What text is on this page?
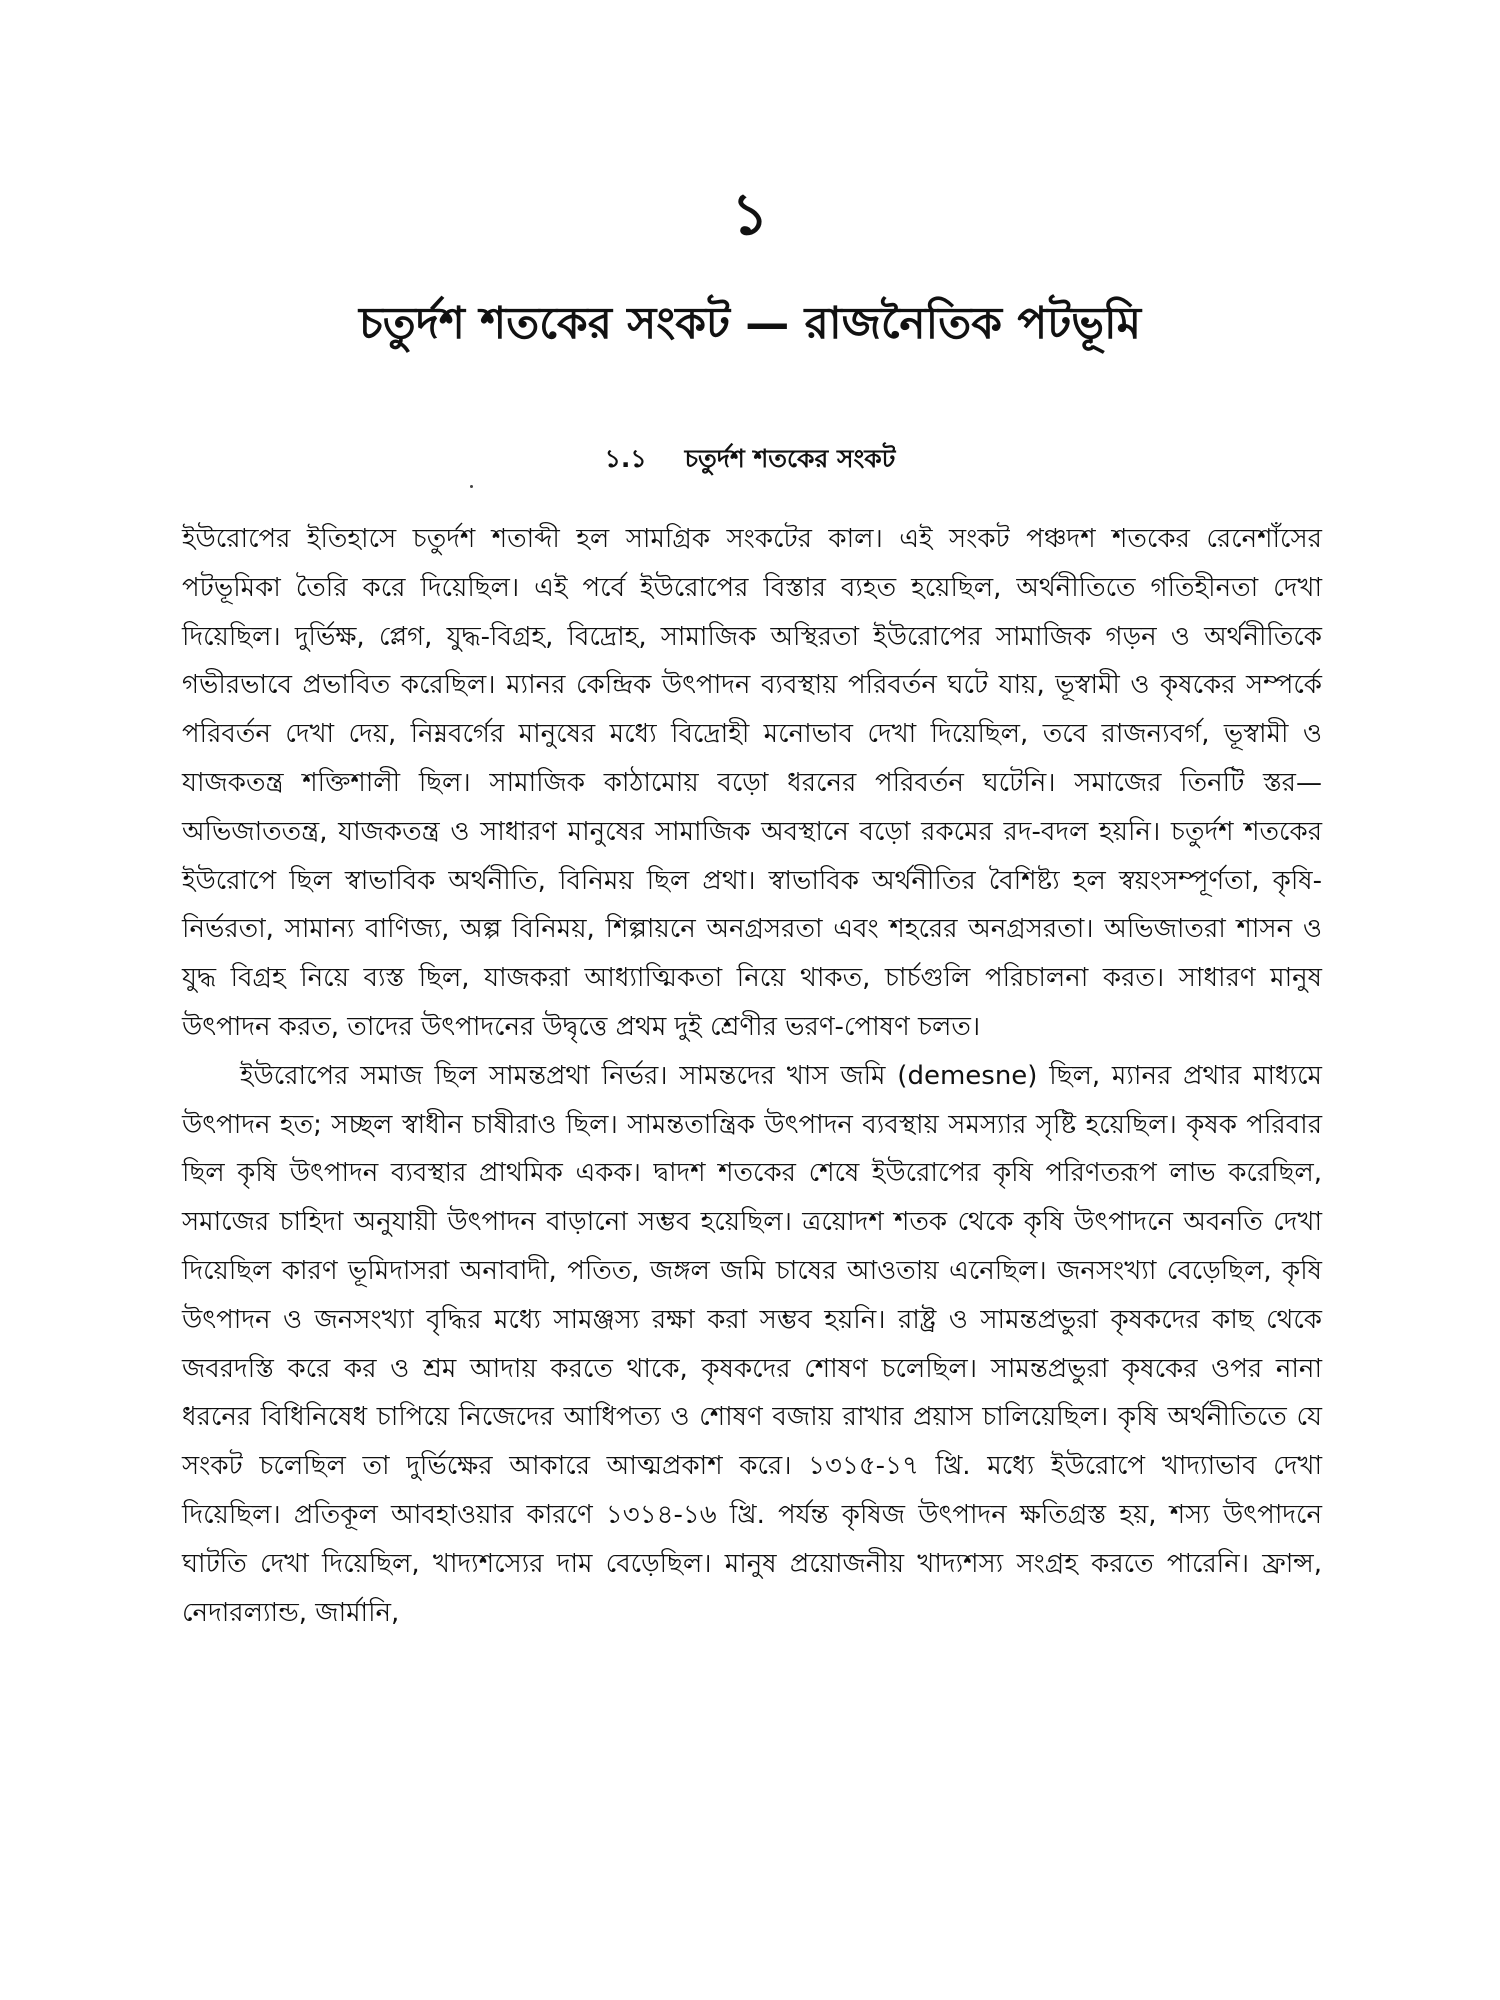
১
চতুর্দশ শতকের সংকট — রাজনৈতিক পটভূমি
১.১ চতুর্দশ শতকের সংকট

ইউরোপের ইতিহাসে চতুর্দশ শতাব্দী হল সামগ্রিক সংকটের কাল। এই সংকট পঞ্চদশ শতকের রেনেশাঁসের পটভূমিকা তৈরি করে দিয়েছিল। এই পর্বে ইউরোপের বিস্তার ব্যহত হয়েছিল, অর্থনীতিতে গতিহীনতা দেখা দিয়েছিল। দুর্ভিক্ষ, প্লেগ, যুদ্ধ-বিগ্রহ, বিদ্রোহ, সামাজিক অস্থিরতা ইউরোপের সামাজিক গড়ন ও অর্থনীতিকে গভীরভাবে প্রভাবিত করেছিল। ম্যানর কেন্দ্রিক উৎপাদন ব্যবস্থায় পরিবর্তন ঘটে যায়, ভূস্বামী ও কৃষকের সম্পর্কে পরিবর্তন দেখা দেয়, নিম্নবর্গের মানুষের মধ্যে বিদ্রোহী মনোভাব দেখা দিয়েছিল, তবে রাজন্যবর্গ, ভূস্বামী ও যাজকতন্ত্র শক্তিশালী ছিল। সামাজিক কাঠামোয় বড়ো ধরনের পরিবর্তন ঘটেনি। সমাজের তিনটি স্তর—অভিজাততন্ত্র, যাজকতন্ত্র ও সাধারণ মানুষের সামাজিক অবস্থানে বড়ো রকমের রদ-বদল হয়নি। চতুর্দশ শতকের ইউরোপে ছিল স্বাভাবিক অর্থনীতি, বিনিময় ছিল প্রথা। স্বাভাবিক অর্থনীতির বৈশিষ্ট্য হল স্বয়ংসম্পূর্ণতা, কৃষি-নির্ভরতা, সামান্য বাণিজ্য, অল্প বিনিময়, শিল্পায়নে অনগ্রসরতা এবং শহরের অনগ্রসরতা। অভিজাতরা শাসন ও যুদ্ধ বিগ্রহ নিয়ে ব্যস্ত ছিল, যাজকরা আধ্যাত্মিকতা নিয়ে থাকত, চার্চগুলি পরিচালনা করত। সাধারণ মানুষ উৎপাদন করত, তাদের উৎপাদনের উদ্বৃত্তে প্রথম দুই শ্রেণীর ভরণ-পোষণ চলত।

ইউরোপের সমাজ ছিল সামন্তপ্রথা নির্ভর। সামন্তদের খাস জমি (demesne) ছিল, ম্যানর প্রথার মাধ্যমে উৎপাদন হত; সচ্ছল স্বাধীন চাষীরাও ছিল। সামন্ততান্ত্রিক উৎপাদন ব্যবস্থায় সমস্যার সৃষ্টি হয়েছিল। কৃষক পরিবার ছিল কৃষি উৎপাদন ব্যবস্থার প্রাথমিক একক। দ্বাদশ শতকের শেষে ইউরোপের কৃষি পরিণতরূপ লাভ করেছিল, সমাজের চাহিদা অনুযায়ী উৎপাদন বাড়ানো সম্ভব হয়েছিল। ত্রয়োদশ শতক থেকে কৃষি উৎপাদনে অবনতি দেখা দিয়েছিল কারণ ভূমিদাসরা অনাবাদী, পতিত, জঙ্গল জমি চাষের আওতায় এনেছিল। জনসংখ্যা বেড়েছিল, কৃষি উৎপাদন ও জনসংখ্যা বৃদ্ধির মধ্যে সামঞ্জস্য রক্ষা করা সম্ভব হয়নি। রাষ্ট্র ও সামন্তপ্রভুরা কৃষকদের কাছ থেকে জবরদস্তি করে কর ও শ্রম আদায় করতে থাকে, কৃষকদের শোষণ চলেছিল। সামন্তপ্রভুরা কৃষকের ওপর নানা ধরনের বিধিনিষেধ চাপিয়ে নিজেদের আধিপত্য ও শোষণ বজায় রাখার প্রয়াস চালিয়েছিল। কৃষি অর্থনীতিতে যে সংকট চলেছিল তা দুর্ভিক্ষের আকারে আত্মপ্রকাশ করে। ১৩১৫-১৭ খ্রি. মধ্যে ইউরোপে খাদ্যাভাব দেখা দিয়েছিল। প্রতিকূল আবহাওয়ার কারণে ১৩১৪-১৬ খ্রি. পর্যন্ত কৃষিজ উৎপাদন ক্ষতিগ্রস্ত হয়, শস্য উৎপাদনে ঘাটতি দেখা দিয়েছিল, খাদ্যশস্যের দাম বেড়েছিল। মানুষ প্রয়োজনীয় খাদ্যশস্য সংগ্রহ করতে পারেনি। ফ্রান্স, নেদারল্যান্ড, জার্মানি,
